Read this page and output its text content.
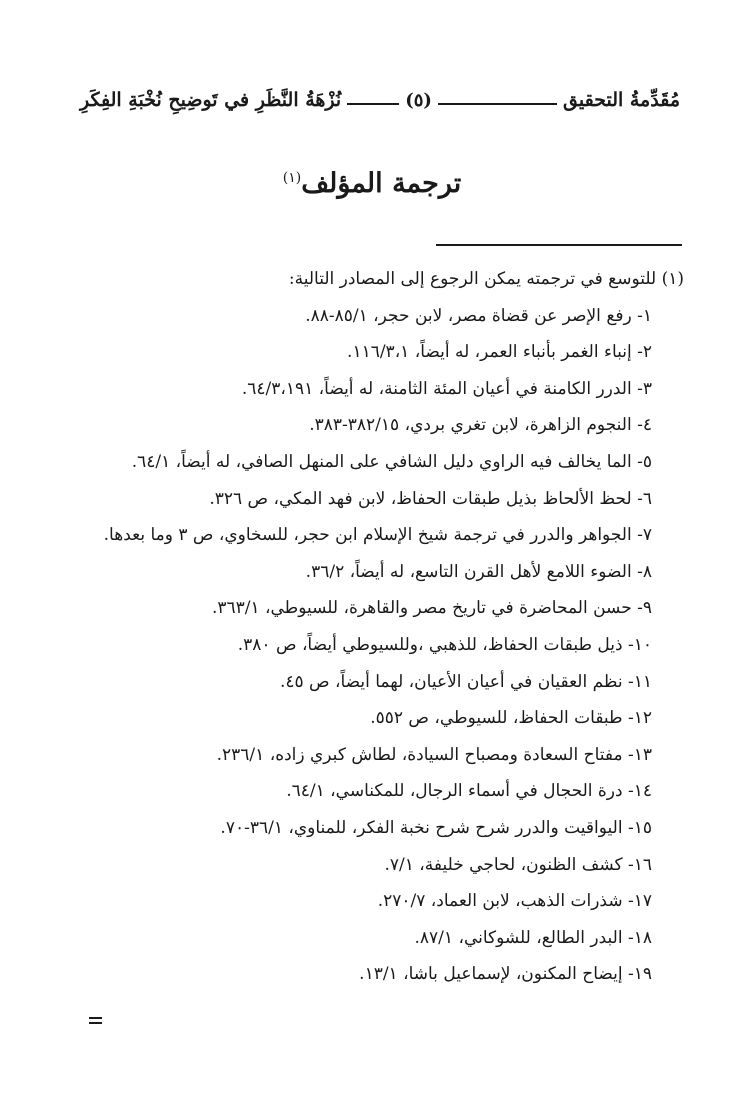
مُقَدِّمةُ التحقيق
(٥)
نُزْهَةُ النَّظَرِ في تَوضِيحِ نُخْبَةِ الفِكَرِ
ترجمة المؤلف$^{(١)}$

(١) للتوسع في ترجمته يمكن الرجوع إلى المصادر التالية:

١- رفع الإصر عن قضاة مصر، لابن حجر، ٨٥/١-٨٨.
٢- إنباء الغمر بأنباء العمر، له أيضاً، ١١٦/٣،١.
٣- الدرر الكامنة في أعيان المئة الثامنة، له أيضاً، ٦٤/٣،١٩١.
٤- النجوم الزاهرة، لابن تغري بردي، ٣٨٢/١٥-٣٨٣.
٥- الما يخالف فيه الراوي دليل الشافي على المنهل الصافي، له أيضاً، ٦٤/١.
٦- لحظ الألحاظ بذيل طبقات الحفاظ، لابن فهد المكي، ص ٣٢٦.
٧- الجواهر والدرر في ترجمة شيخ الإسلام ابن حجر، للسخاوي، ص ٣ وما بعدها.
٨- الضوء اللامع لأهل القرن التاسع، له أيضاً، ٣٦/٢.
٩- حسن المحاضرة في تاريخ مصر والقاهرة، للسيوطي، ٣٦٣/١.
١٠- ذيل طبقات الحفاظ، للذهبي ،وللسيوطي أيضاً، ص ٣٨٠.
١١- نظم العقيان في أعيان الأعيان، لهما أيضاً، ص ٤٥.
١٢- طبقات الحفاظ، للسيوطي، ص ٥٥٢.
١٣- مفتاح السعادة ومصباح السيادة، لطاش كبري زاده، ٢٣٦/١.
١٤- درة الحجال في أسماء الرجال، للمكناسي، ٦٤/١.
١٥- اليواقيت والدرر شرح شرح نخبة الفكر، للمناوي، ٣٦/١-٧٠.
١٦- كشف الظنون، لحاجي خليفة، ٧/١.
١٧- شذرات الذهب، لابن العماد، ٢٧٠/٧.
١٨- البدر الطالع، للشوكاني، ٨٧/١.
١٩- إيضاح المكنون، لإسماعيل باشا، ١٣/١.
